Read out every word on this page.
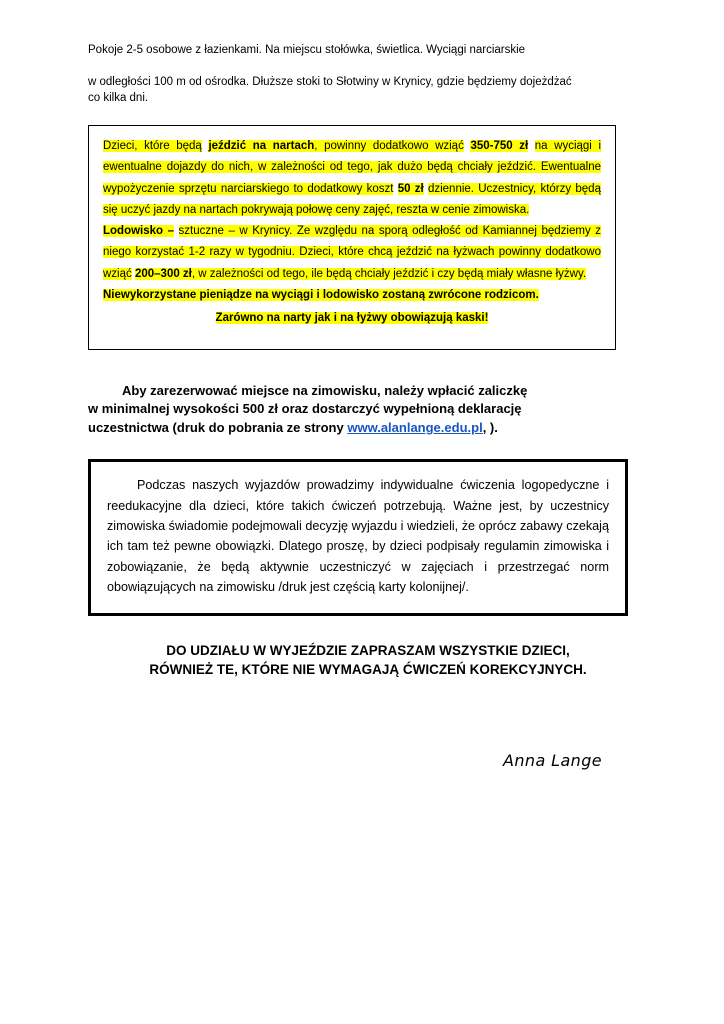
Pokoje 2-5 osobowe z łazienkami. Na miejscu stołówka, świetlica. Wyciągi narciarskie

w odległości 100 m od ośrodka. Dłuższe stoki to Słotwiny w Krynicy, gdzie będziemy dojeżdżać
co kilka dni.

Dzieci, które będą jeździć na nartach, powinny dodatkowo wziąć 350-750 zł na wyciągi i ewentualne dojazdy do nich, w zależności od tego, jak dużo będą chciały jeździć. Ewentualne wypożyczenie sprzętu narciarskiego to dodatkowy koszt 50 zł dziennie. Uczestnicy, którzy będą się uczyć jazdy na nartach pokrywają połowę ceny zajęć, reszta w cenie zimowiska.

Lodowisko – sztuczne – w Krynicy. Ze względu na sporą odległość od Kamiannej będziemy z niego korzystać 1-2 razy w tygodniu. Dzieci, które chcą jeździć na łyżwach powinny dodatkowo wziąć 200–300 zł, w zależności od tego, ile będą chciały jeździć i czy będą miały własne łyżwy.

Niewykorzystane pieniądze na wyciągi i lodowisko zostaną zwrócone rodzicom.

Zarówno na narty jak i na łyżwy obowiązują kaski!

Aby zarezerwować miejsce na zimowisku, należy wpłacić zaliczkę
w minimalnej wysokości 500 zł oraz dostarczyć wypełnioną deklarację
uczestnictwa (druk do pobrania ze strony www.alanlange.edu.pl, ).

Podczas naszych wyjazdów prowadzimy indywidualne ćwiczenia logopedyczne i reedukacyjne dla dzieci, które takich ćwiczeń potrzebują. Ważne jest, by uczestnicy zimowiska świadomie podejmowali decyzję wyjazdu i wiedzieli, że oprócz zabawy czekają ich tam też pewne obowiązki. Dlatego proszę, by dzieci podpisały regulamin zimowiska i zobowiązanie, że będą aktywnie uczestniczyć w zajęciach i przestrzegać norm obowiązujących na zimowisku /druk jest częścią karty kolonijnej/.

DO UDZIAŁU W WYJEŹDZIE ZAPRASZAM WSZYSTKIE DZIECI,
RÓWNIEŻ TE, KTÓRE NIE WYMAGAJĄ ĆWICZEŃ KOREKCYJNYCH.
Anna Lange
